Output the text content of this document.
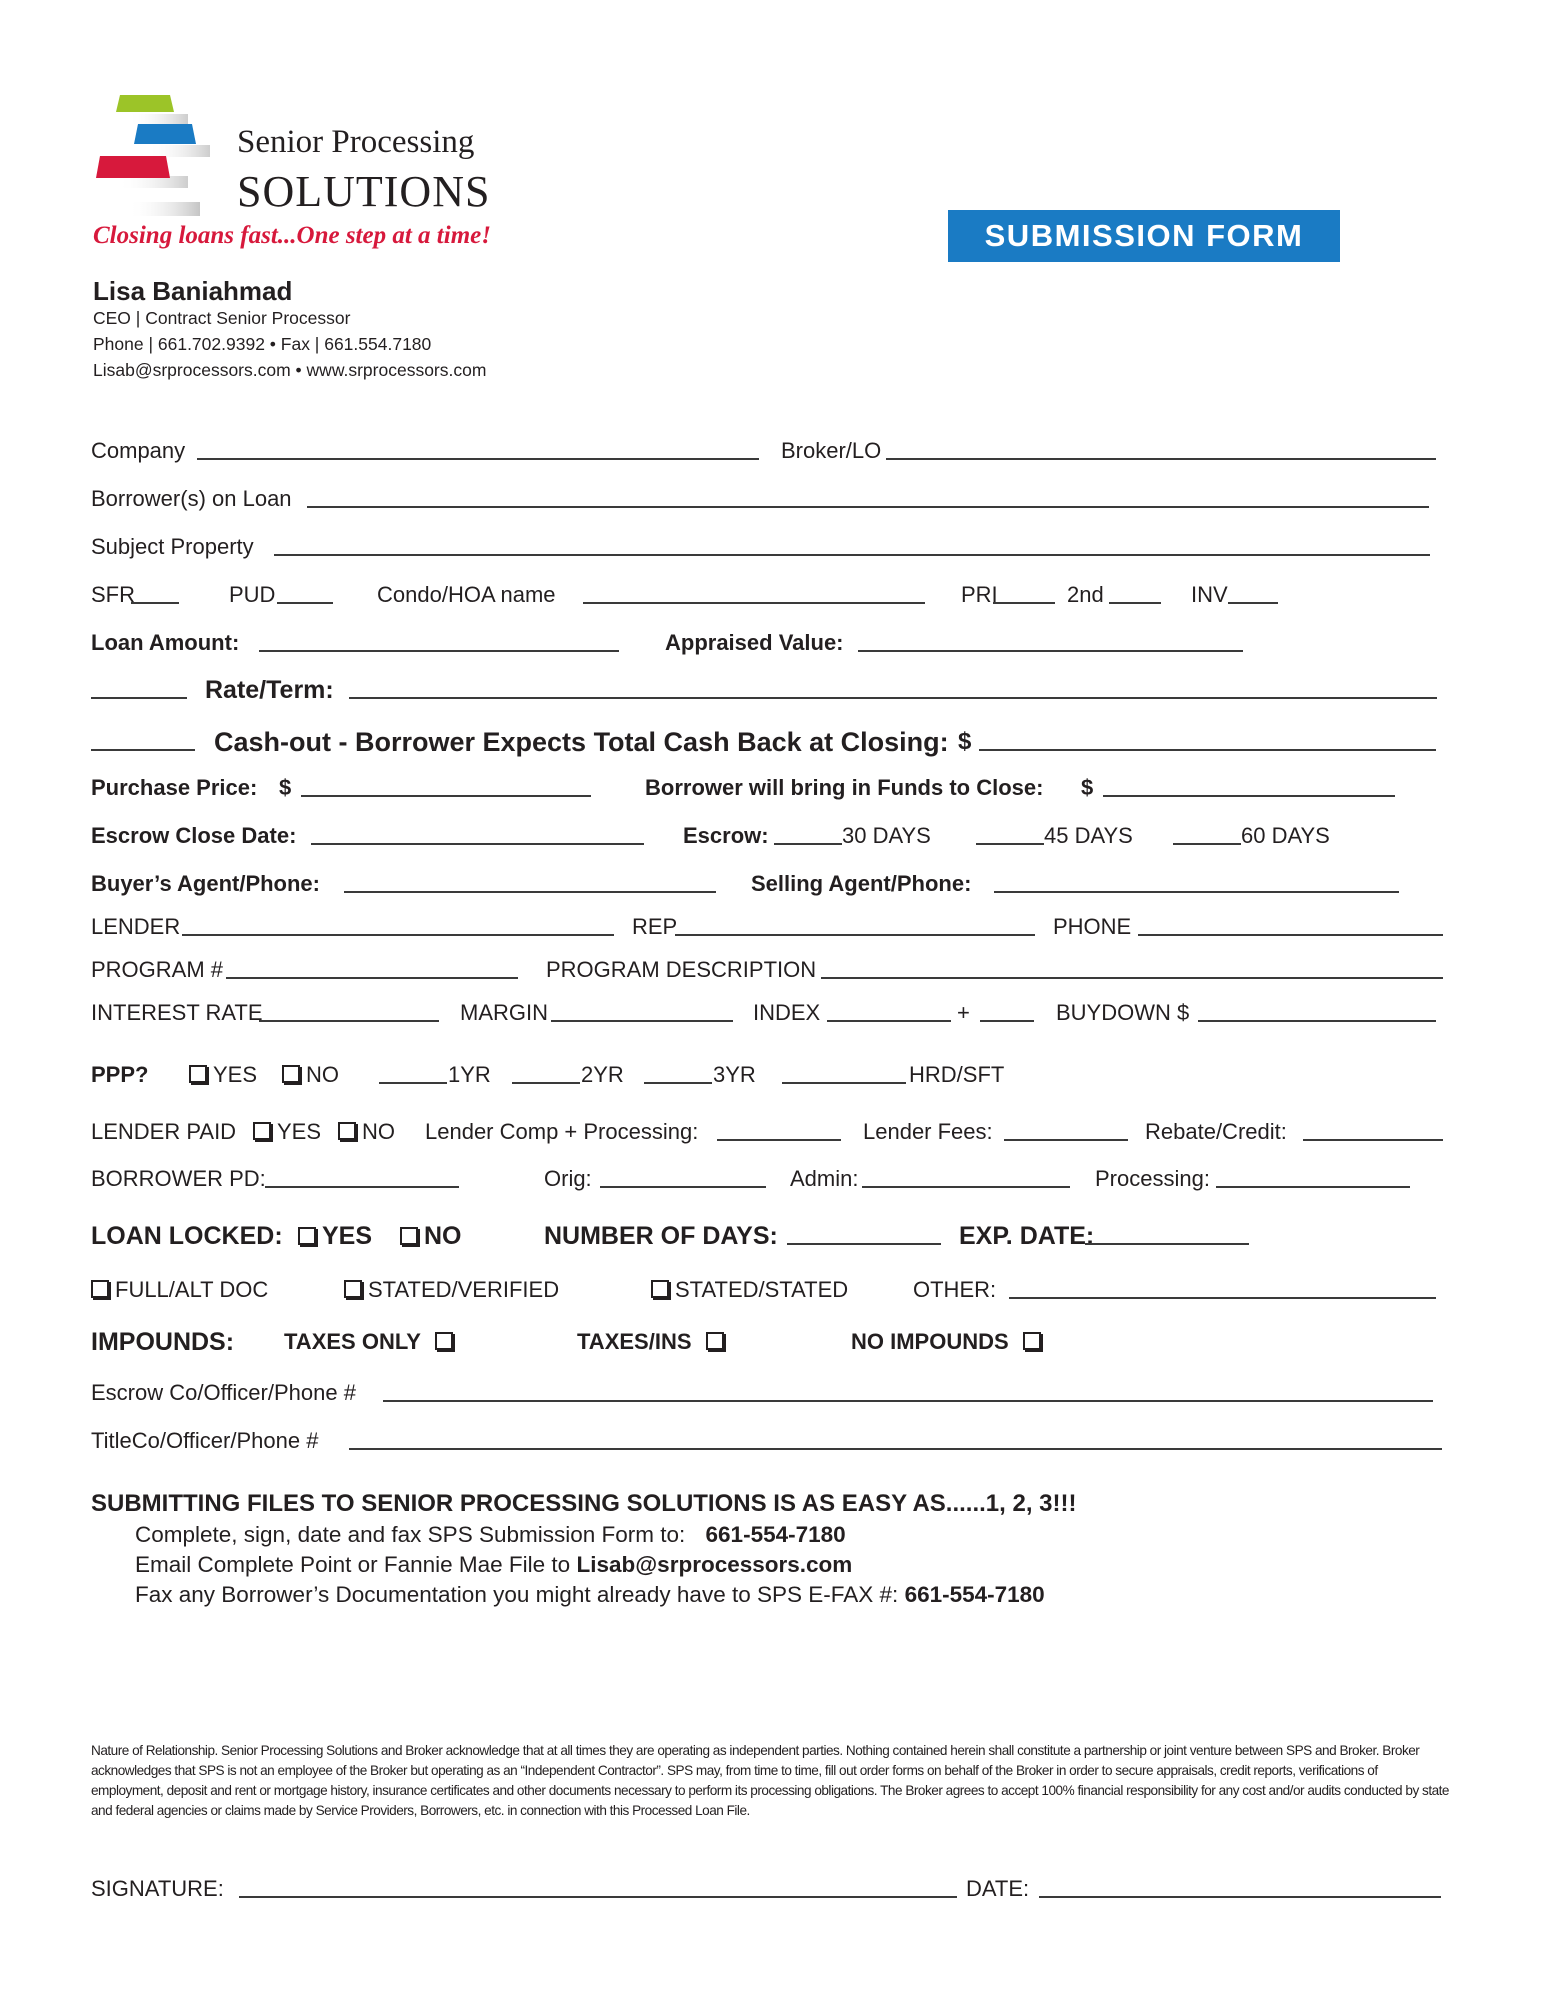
Senior Processing
SOLUTIONS
Closing loans fast...One step at a time!	SUBMISSION FORM
Lisa Baniahmad
CEO | Contract Senior Processor
Phone | 661.702.9392 • Fax | 661.554.7180
Lisab@srprocessors.com • www.srprocessors.com
Company	Broker/LO
Borrower(s) on Loan
Subject Property
SFR	PUD	Condo/HOA name	PRI	2nd	INV
Loan Amount:	Appraised Value:
Rate/Term:
Cash-out - Borrower Expects Total Cash Back at Closing: $
Purchase Price: $	Borrower will bring in Funds to Close: $
Escrow Close Date:	Escrow:	30 DAYS	45 DAYS	60 DAYS
Buyer’s Agent/Phone:	Selling Agent/Phone:
LENDER	REP	PHONE
PROGRAM #	PROGRAM DESCRIPTION
INTEREST RATE	MARGIN	INDEX	+	BUYDOWN $
PPP?	YES	NO	1YR	2YR	3YR	HRD/SFT
LENDER PAID	YES	NO Lender Comp + Processing:	Lender Fees:	Rebate/Credit:
BORROWER PD:	Orig:	Admin:	Processing:
LOAN LOCKED:	YES	NO	NUMBER OF DAYS:	EXP. DATE:
FULL/ALT DOC	STATED/VERIFIED	STATED/STATED	OTHER:
IMPOUNDS: TAXES ONLY	TAXES/INS	NO IMPOUNDS
Escrow Co/Officer/Phone #
TitleCo/Officer/Phone #
SUBMITTING FILES TO SENIOR PROCESSING SOLUTIONS IS AS EASY AS......1, 2, 3!!!
Complete, sign, date and fax SPS Submission Form to: 661-554-7180
Email Complete Point or Fannie Mae File to Lisab@srprocessors.com
Fax any Borrower’s Documentation you might already have to SPS E-FAX #: 661-554-7180
Nature of Relationship. Senior Processing Solutions and Broker acknowledge that at all times they are operating as independent parties. Nothing contained herein shall constitute a partnership or joint venture between SPS and Broker. Broker acknowledges that SPS is not an employee of the Broker but operating as an “Independent Contractor”. SPS may, from time to time, fill out order forms on behalf of the Broker in order to secure appraisals, credit reports, verifications of employment, deposit and rent or mortgage history, insurance certificates and other documents necessary to perform its processing obligations. The Broker agrees to accept 100% financial responsibility for any cost and/or audits conducted by state and federal agencies or claims made by Service Providers, Borrowers, etc. in connection with this Processed Loan File.
SIGNATURE:	DATE:
